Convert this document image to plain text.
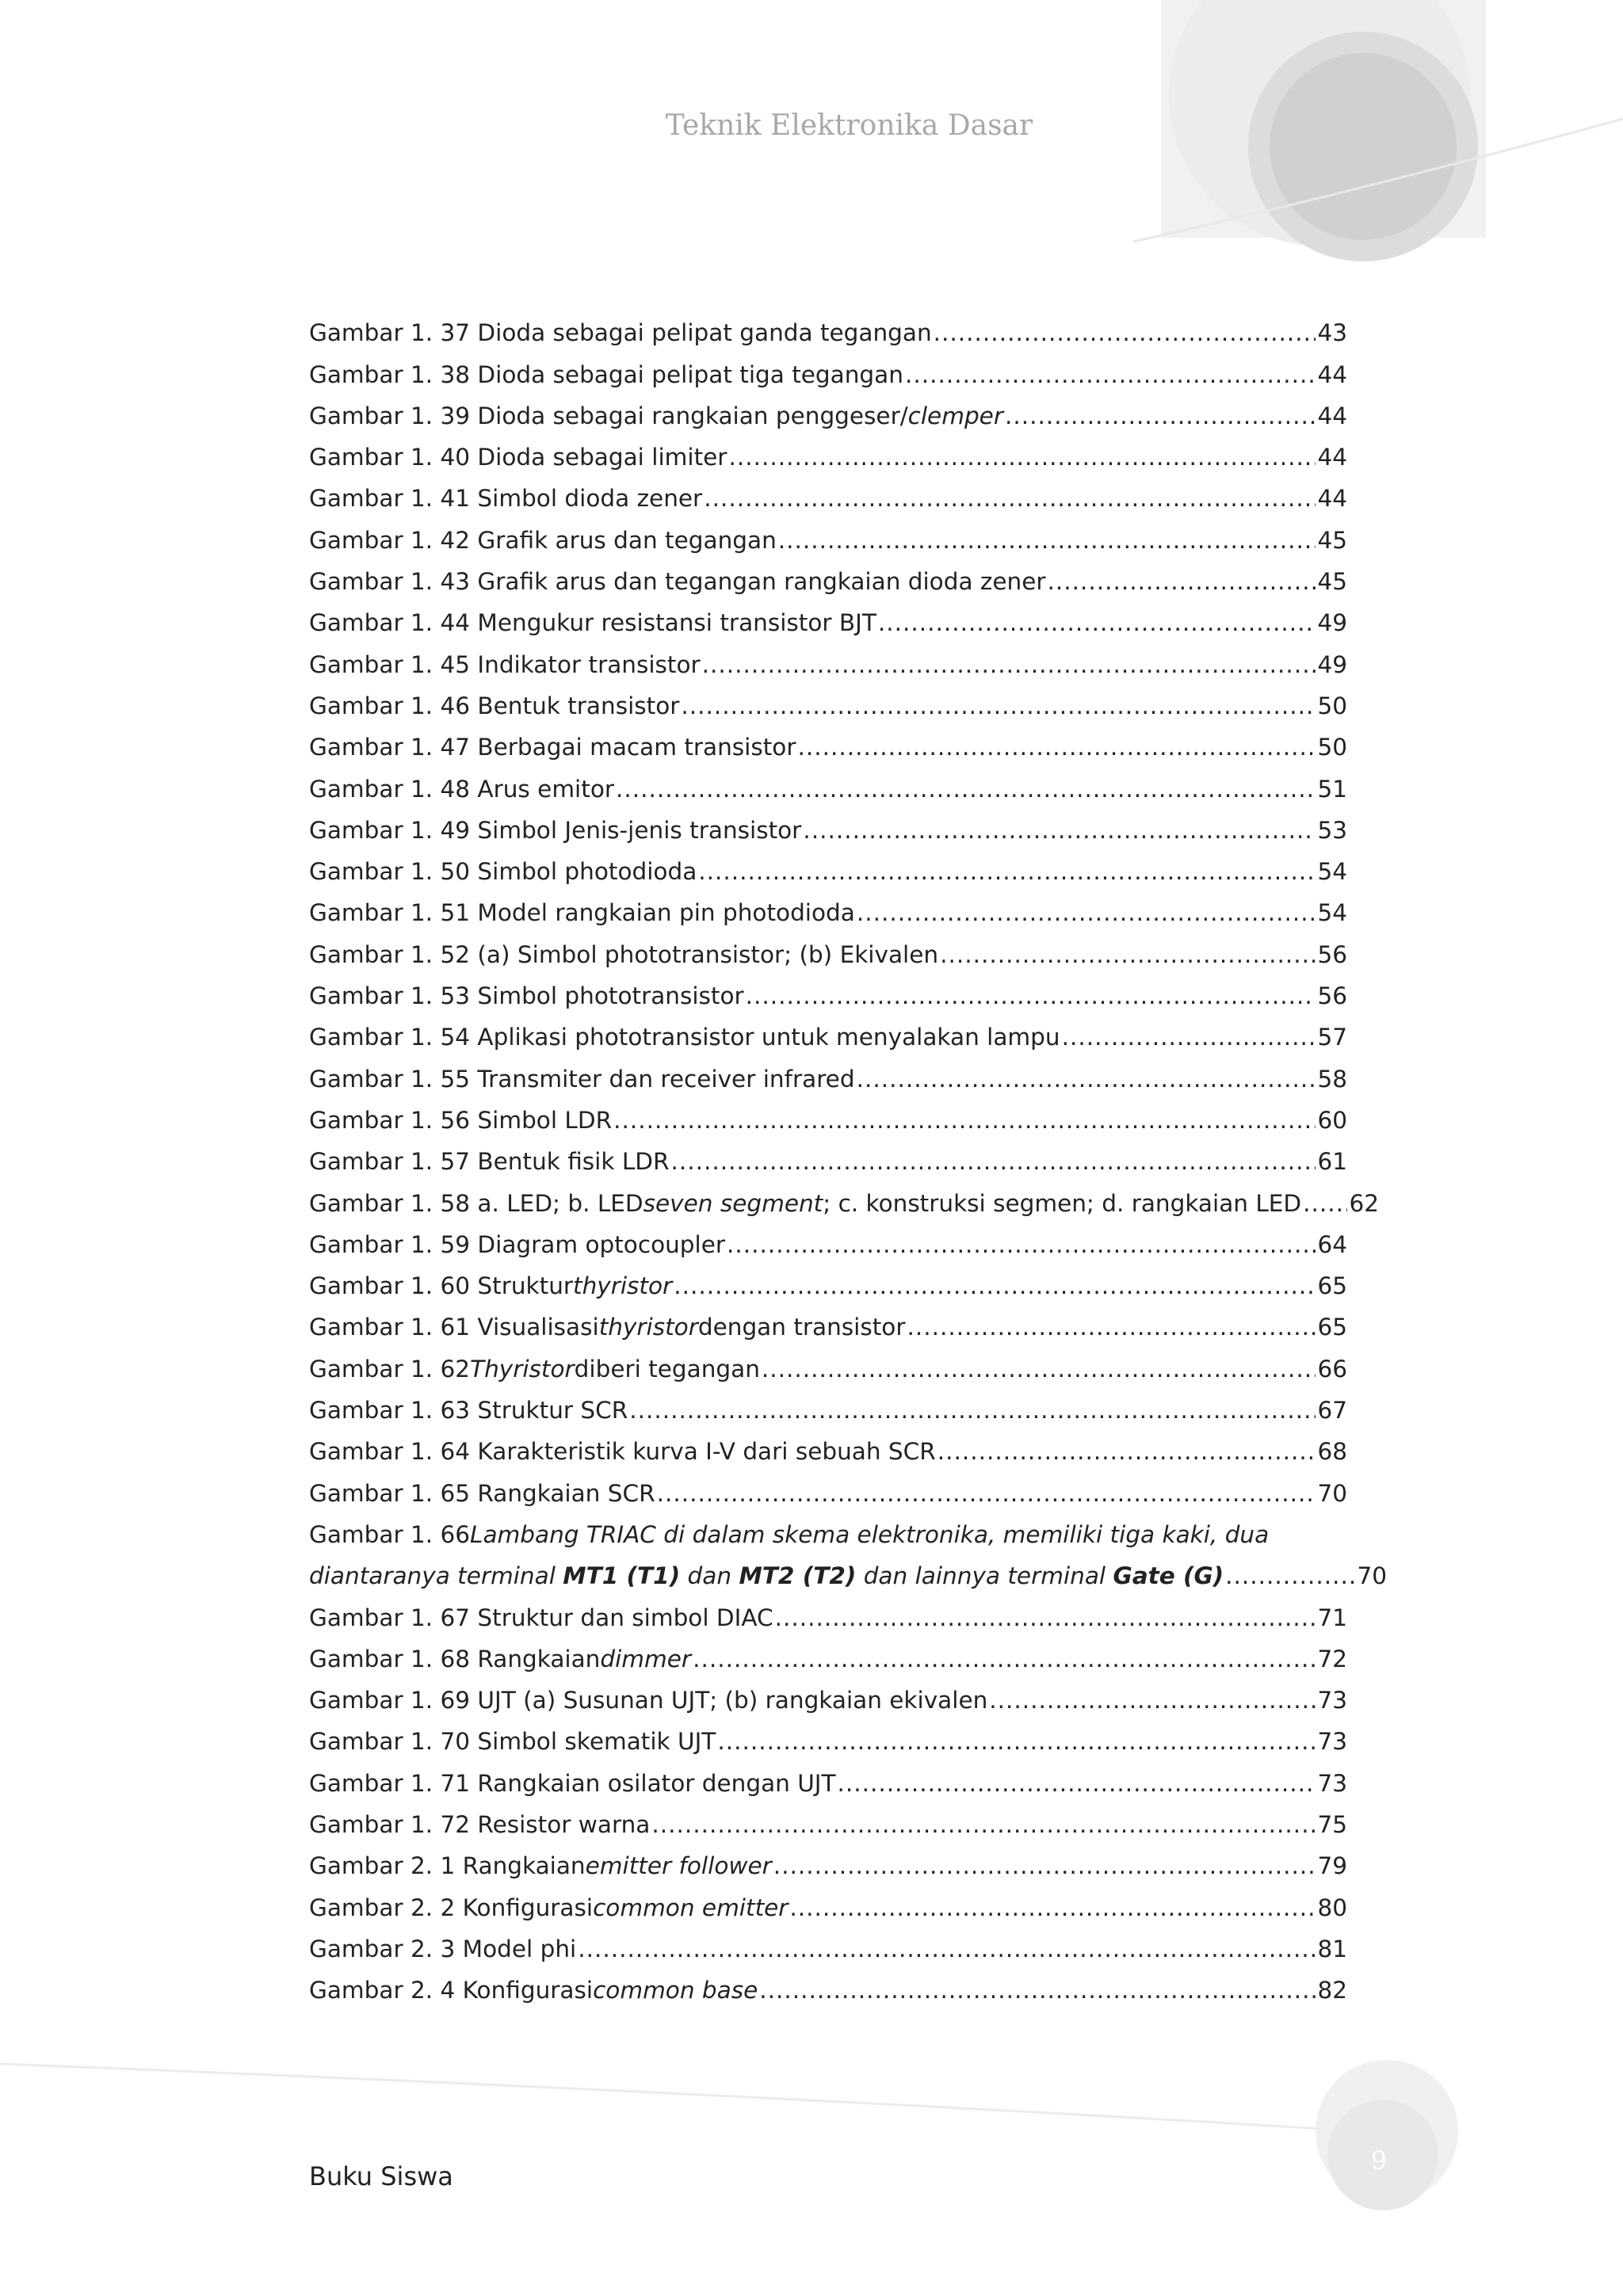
Teknik Elektronika Dasar
Gambar 1. 37 Dioda sebagai pelipat ganda tegangan .....	43
Gambar 1. 38 Dioda sebagai pelipat tiga tegangan .....	44
Gambar 1. 39 Dioda sebagai rangkaian penggeser/ clemper .....	44
Gambar 1. 40 Dioda sebagai limiter .....	44
Gambar 1. 41 Simbol dioda zener .....	44
Gambar 1. 42 Grafik arus dan tegangan .....	45
Gambar 1. 43 Grafik arus dan tegangan rangkaian dioda zener .....	45
Gambar 1. 44 Mengukur resistansi transistor BJT .....	49
Gambar 1. 45 Indikator transistor .....	49
Gambar 1. 46 Bentuk transistor .....	50
Gambar 1. 47 Berbagai macam transistor .....	50
Gambar 1. 48 Arus emitor .....	51
Gambar 1. 49 Simbol Jenis-jenis transistor .....	53
Gambar 1. 50 Simbol photodioda .....	54
Gambar 1. 51 Model rangkaian pin photodioda .....	54
Gambar 1. 52 (a) Simbol phototransistor; (b) Ekivalen .....	56
Gambar 1. 53 Simbol phototransistor .....	56
Gambar 1. 54 Aplikasi phototransistor untuk menyalakan lampu .....	57
Gambar 1. 55 Transmiter dan receiver infrared .....	58
Gambar 1. 56 Simbol LDR .....	60
Gambar 1. 57 Bentuk fisik LDR .....	61
Gambar 1. 58 a. LED; b. LED seven segment ; c. konstruksi segmen; d. rangkaian LED ..... 62
Gambar 1. 59 Diagram optocoupler .....	64
Gambar 1. 60 Struktur thyristor .....	65
Gambar 1. 61 Visualisasi thyristor dengan transistor .....	65
Gambar 1. 62 Thyristor diberi tegangan .....	66
Gambar 1. 63 Struktur SCR .....	67
Gambar 1. 64 Karakteristik kurva I-V dari sebuah SCR .....	68
Gambar 1. 65 Rangkaian SCR .....	70
Gambar 1. 66 Lambang TRIAC di dalam skema elektronika, memiliki tiga kaki, dua
diantaranya terminal MT1 (T1) dan MT2 (T2) dan lainnya terminal Gate (G) .....	70
Gambar 1. 67 Struktur dan simbol DIAC .....	71
Gambar 1. 68 Rangkaian dimmer .....	72
Gambar 1. 69 UJT (a) Susunan UJT; (b) rangkaian ekivalen .....	73
Gambar 1. 70 Simbol skematik UJT .....	73
Gambar 1. 71 Rangkaian osilator dengan UJT .....	73
Gambar 1. 72 Resistor warna .....	75
Gambar 2. 1 Rangkaian emitter follower .....	79
Gambar 2. 2 Konfigurasi common emitter .....	80
Gambar 2. 3 Model phi .....	81
Gambar 2. 4 Konfigurasi common base .....	82
Buku Siswa
9
